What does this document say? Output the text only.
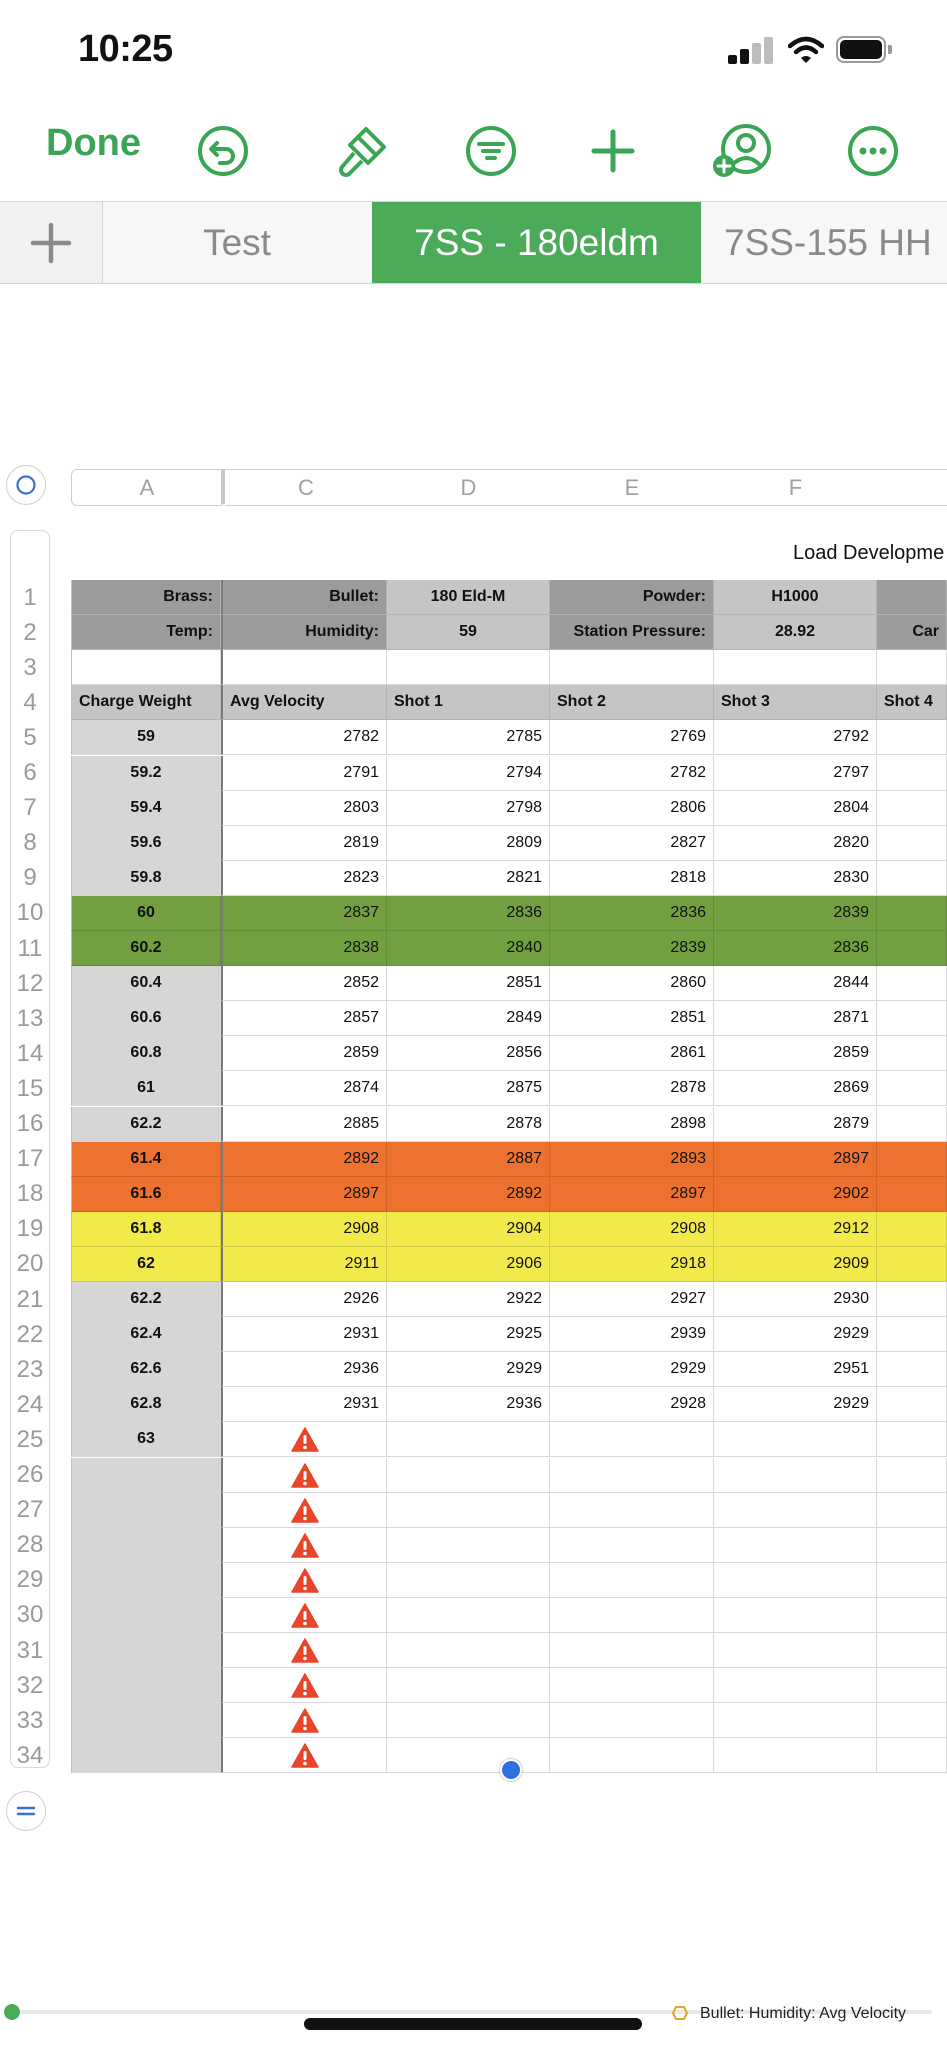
10:25
Done
Test	7SS - 180eldm	7SS-155 HH
A	C	D	E	F
1
2
3
4
5
6
7
8
9
10
11
12
13
14
15
16
17
18
19
20
21
22
23
24
25
26
27
28
29
30
31
32
33
34
Load Developme
Brass:	Bullet:	180 Eld-M	Powder:	H1000
Temp:	Humidity:	59	Station Pressure:	28.92	Car
Charge Weight	Avg Velocity	Shot 1	Shot 2	Shot 3	Shot 4
59	2782	2785	2769	2792
59.2	2791	2794	2782	2797
59.4	2803	2798	2806	2804
59.6	2819	2809	2827	2820
59.8	2823	2821	2818	2830
60	2837	2836	2836	2839
60.2	2838	2840	2839	2836
60.4	2852	2851	2860	2844
60.6	2857	2849	2851	2871
60.8	2859	2856	2861	2859
61	2874	2875	2878	2869
62.2	2885	2878	2898	2879
61.4	2892	2887	2893	2897
61.6	2897	2892	2897	2902
61.8	2908	2904	2908	2912
62	2911	2906	2918	2909
62.2	2926	2922	2927	2930
62.4	2931	2925	2939	2929
62.6	2936	2929	2929	2951
62.8	2931	2936	2928	2929
63
Bullet: Humidity: Avg Velocity
